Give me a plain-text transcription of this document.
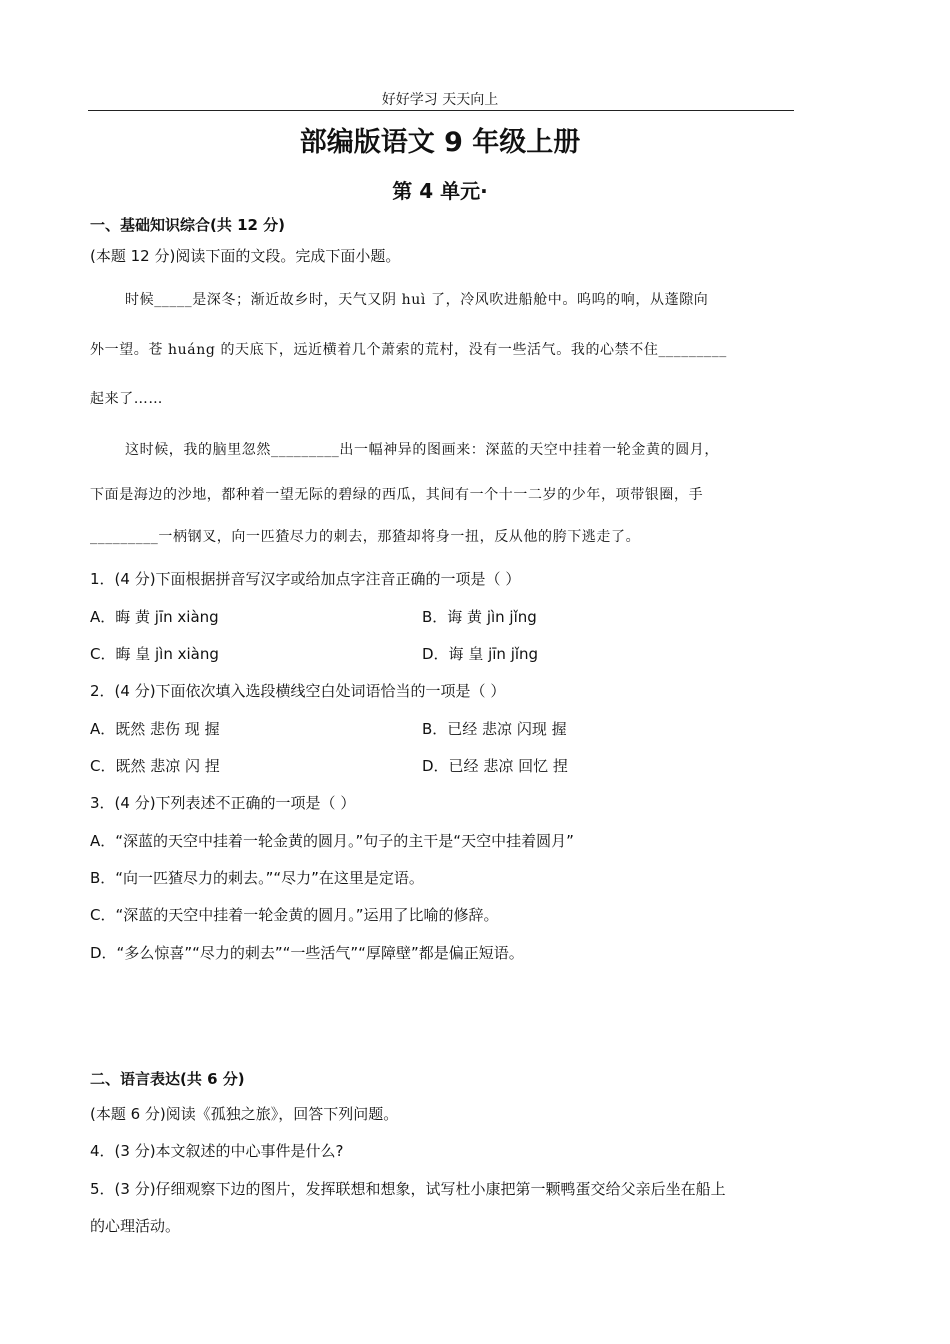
好好学习 天天向上
部编版语文 9 年级上册
第 4 单元·
一、基础知识综合(共 12 分)
(本题 12 分)阅读下面的文段。完成下面小题。
时候_____是深冬；渐近故乡时，天气又阴 huì 了，冷风吹进船舱中。呜呜的响，从蓬隙向
外一望。苍 huáng 的天底下，远近横着几个萧索的荒村，没有一些活气。我的心禁不住_________
起来了……
这时候，我的脑里忽然_________出一幅神异的图画来：深蓝的天空中挂着一轮金黄的圆月，
下面是海边的沙地，都种着一望无际的碧绿的西瓜，其间有一个十一二岁的少年，项带银圈，手
_________一柄钢叉，向一匹猹尽力的刺去，那猹却将身一扭，反从他的胯下逃走了。
1．(4 分)下面根据拼音写汉字或给加点字注音正确的一项是（ ）
A．晦 黄 jīn xiàng	B．诲 黄 jìn jǐng
C．晦 皇 jìn xiàng	D．诲 皇 jīn jǐng
2．(4 分)下面依次填入选段横线空白处词语恰当的一项是（ ）
A．既然 悲伤 现 握	B．已经 悲凉 闪现 握
C．既然 悲凉 闪 捏	D．已经 悲凉 回忆 捏
3．(4 分)下列表述不正确的一项是（ ）
A．“深蓝的天空中挂着一轮金黄的圆月。”句子的主干是“天空中挂着圆月”
B．“向一匹猹尽力的刺去。”“尽力”在这里是定语。
C．“深蓝的天空中挂着一轮金黄的圆月。”运用了比喻的修辞。
D．“多么惊喜”“尽力的刺去”“一些活气”“厚障壁”都是偏正短语。
二、语言表达(共 6 分)
(本题 6 分)阅读《孤独之旅》，回答下列问题。
4．(3 分)本文叙述的中心事件是什么?
5．(3 分)仔细观察下边的图片，发挥联想和想象，试写杜小康把第一颗鸭蛋交给父亲后坐在船上
的心理活动。
